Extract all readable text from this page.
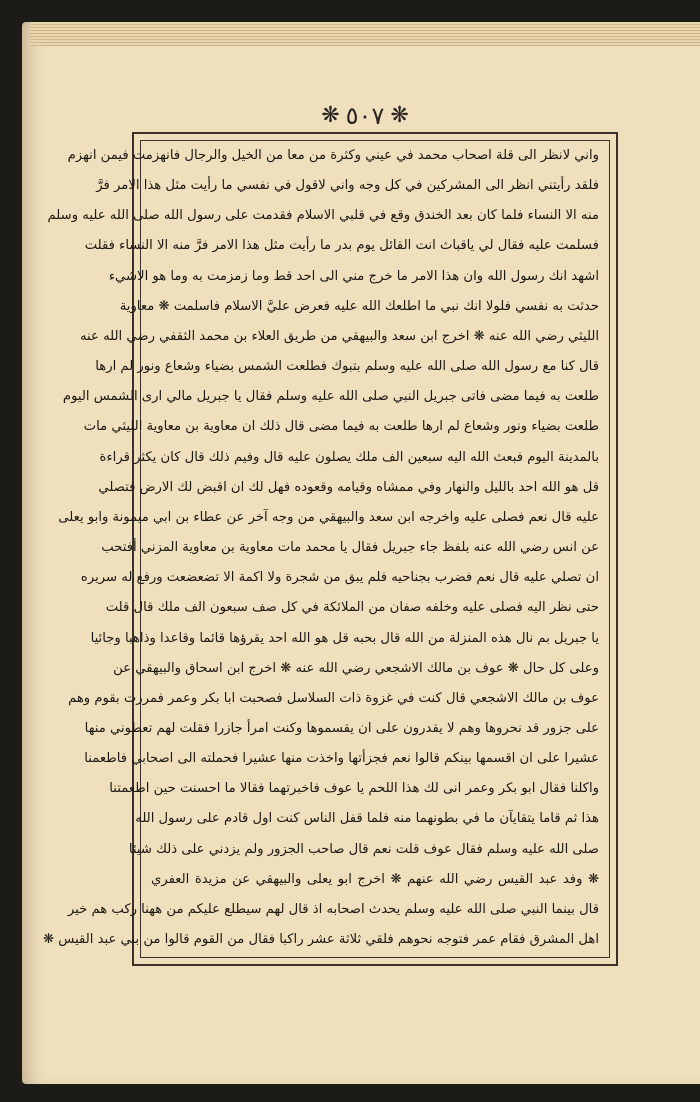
❋ ٥٠٧ ❋
واني لانظر الى قلة اصحاب محمد في عيني وكثرة من معا من الخيل والرجال فانهزمت فيمن انهزم
فلقد رأيتني انظر الى المشركين في كل وجه واني لاقول في نفسي ما رأيت مثل هذا الامر فرَّ
منه الا النساء فلما كان بعد الخندق وقع في قلبي الاسلام فقدمت على رسول الله صلى الله عليه وسلم
فسلمت عليه فقال لي ياقباث انت القائل يوم بدر ما رأيت مثل هذا الامر فرَّ منه الا النساء فقلت
اشهد انك رسول الله وان هذا الامر ما خرج مني الى احد قط وما زمزمت به وما هو الاشيء
حدثت به نفسي فلولا انك نبي ما اطلعك الله عليه فعرض عليَّ الاسلام فاسلمت ❋ معاوية
الليثي رضي الله عنه ❋ اخرج ابن سعد والبيهقي من طريق العلاء بن محمد الثقفي رضي الله عنه
قال كنا مع رسول الله صلى الله عليه وسلم بتبوك فطلعت الشمس بضياء وشعاع ونور لم ارها
طلعت به فيما مضى فاتى جبريل النبي صلى الله عليه وسلم فقال يا جبريل مالي ارى الشمس اليوم
طلعت بضياء ونور وشعاع لم ارها طلعت به فيما مضى قال ذلك ان معاوية بن معاوية الليثي مات
بالمدينة اليوم فبعث الله اليه سبعين الف ملك يصلون عليه قال وفيم ذلك قال كان يكثر قراءة
قل هو الله احد بالليل والنهار وفي ممشاه وقيامه وقعوده فهل لك ان اقبض لك الارض فتصلي
عليه قال نعم فصلى عليه واخرجه ابن سعد والبيهقي من وجه آخر عن عطاء بن ابي ميمونة وابو يعلى
عن انس رضي الله عنه بلفظ جاء جبريل فقال يا محمد مات معاوية بن معاوية المزني أفتحب
ان تصلي عليه قال نعم فضرب بجناحيه فلم يبق من شجرة ولا اكمة الا تضعضعت ورفع له سريره
حتى نظر اليه فصلى عليه وخلفه صفان من الملائكة في كل صف سبعون الف ملك قال قلت
يا جبريل بم نال هذه المنزلة من الله قال بحبه قل هو الله احد يقرؤها قائما وقاعدا وذاهبا وجائيا
وعلى كل حال ❋ عوف بن مالك الاشجعي رضي الله عنه ❋ اخرج ابن اسحاق والبيهقي عن
عوف بن مالك الاشجعي قال كنت في غزوة ذات السلاسل فصحبت ابا بكر وعمر فمررت بقوم وهم
على جزور قد نحروها وهم لا يقدرون على ان يقسموها وكنت امرأ جازرا فقلت لهم تعطوني منها
عشيرا على ان اقسمها بينكم قالوا نعم فجزأتها واخذت منها عشيرا فحملته الى اصحابي فاطعمنا
واكلنا فقال ابو بكر وعمر انى لك هذا اللحم يا عوف فاخبرتهما فقالا ما احسنت حين اطعمتنا
هذا ثم قاما يتقايآن ما في بطونهما منه فلما قفل الناس كنت اول قادم على رسول الله
صلى الله عليه وسلم فقال عوف قلت نعم قال صاحب الجزور ولم يزدني على ذلك شيئا
❋ وفد عبد القيس رضي الله عنهم ❋ اخرج ابو يعلى والبيهقي عن مزيدة العفري
قال بينما النبي صلى الله عليه وسلم يحدث اصحابه اذ قال لهم سيطلع عليكم من ههنا ركب هم خير
اهل المشرق فقام عمر فتوجه نحوهم فلقي ثلاثة عشر راكبا فقال من القوم قالوا من بني عبد القيس ❋
